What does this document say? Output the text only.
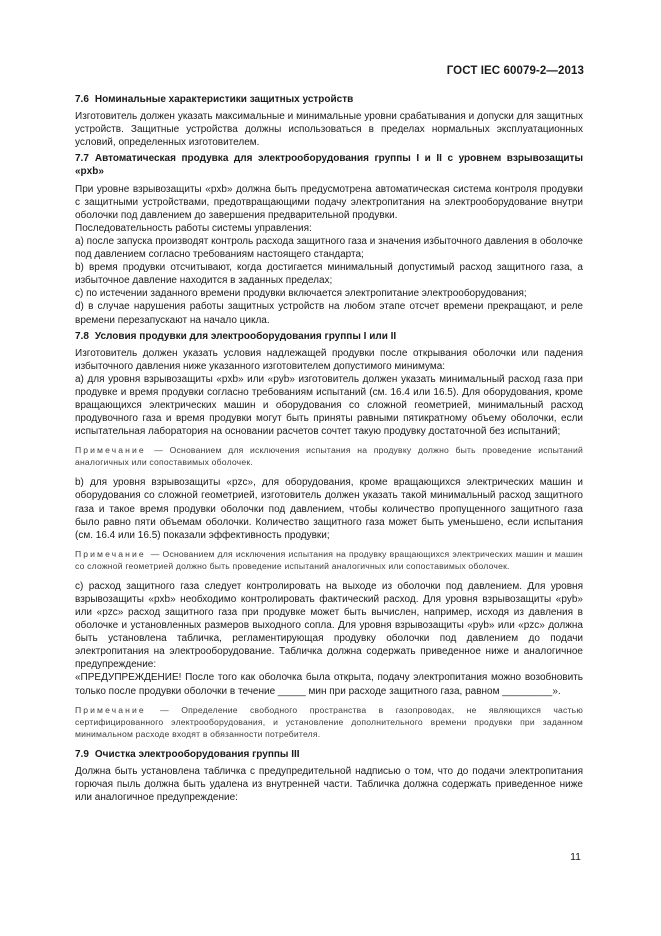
ГОСТ IEC 60079-2—2013
7.6 Номинальные характеристики защитных устройств

Изготовитель должен указать максимальные и минимальные уровни срабатывания и допуски для защитных устройств. Защитные устройства должны использоваться в пределах нормальных эксплуатационных условий, определенных изготовителем.

7.7 Автоматическая продувка для электрооборудования группы I и II с уровнем взрывозащиты «pxb»

При уровне взрывозащиты «pxb» должна быть предусмотрена автоматическая система контроля продувки с защитными устройствами, предотвращающими подачу электропитания на электрооборудование внутри оболочки под давлением до завершения предварительной продувки.

Последовательность работы системы управления:

a) после запуска производят контроль расхода защитного газа и значения избыточного давления в оболочке под давлением согласно требованиям настоящего стандарта;

b) время продувки отсчитывают, когда достигается минимальный допустимый расход защитного газа, а избыточное давление находится в заданных пределах;

c) по истечении заданного времени продувки включается электропитание электрооборудования;

d) в случае нарушения работы защитных устройств на любом этапе отсчет времени прекращают, и реле времени перезапускают на начало цикла.

7.8 Условия продувки для электрооборудования группы I или II

Изготовитель должен указать условия надлежащей продувки после открывания оболочки или падения избыточного давления ниже указанного изготовителем допустимого минимума:

a) для уровня взрывозащиты «pxb» или «pyb» изготовитель должен указать минимальный расход газа при продувке и время продувки согласно требованиям испытаний (см. 16.4 или 16.5). Для оборудования, кроме вращающихся электрических машин и оборудования со сложной геометрией, минимальный расход продувочного газа и время продувки могут быть приняты равными пятикратному объему оболочки, если испытательная лаборатория на основании расчетов сочтет такую продувку достаточной без испытаний;

Примечание — Основанием для исключения испытания на продувку должно быть проведение испытаний аналогичных или сопоставимых оболочек.

b) для уровня взрывозащиты «pzc», для оборудования, кроме вращающихся электрических машин и оборудования со сложной геометрией, изготовитель должен указать такой минимальный расход защитного газа и такое время продувки оболочки под давлением, чтобы количество пропущенного защитного газа было равно пяти объемам оболочки. Количество защитного газа может быть уменьшено, если испытания (см. 16.4 или 16.5) показали эффективность продувки;

Примечание — Основанием для исключения испытания на продувку вращающихся электрических машин и машин со сложной геометрией должно быть проведение испытаний аналогичных или сопоставимых оболочек.

c) расход защитного газа следует контролировать на выходе из оболочки под давлением. Для уровня взрывозащиты «pxb» необходимо контролировать фактический расход. Для уровня взрывозащиты «pyb» или «pzc» расход защитного газа при продувке может быть вычислен, например, исходя из давления в оболочке и установленных размеров выходного сопла. Для уровня взрывозащиты «pyb» или «pzc» должна быть установлена табличка, регламентирующая продувку оболочки под давлением до подачи электропитания на электрооборудование. Табличка должна содержать приведенное ниже и аналогичное предупреждение:

«ПРЕДУПРЕЖДЕНИЕ! После того как оболочка была открыта, подачу электропитания можно возобновить только после продувки оболочки в течение _____ мин при расходе защитного газа, равном _________».

Примечание — Определение свободного пространства в газопроводах, не являющихся частью сертифицированного электрооборудования, и установление дополнительного времени продувки при заданном минимальном расходе входят в обязанности потребителя.
7.9 Очистка электрооборудования группы III

Должна быть установлена табличка с предупредительной надписью о том, что до подачи электропитания горючая пыль должна быть удалена из внутренней части. Табличка должна содержать приведенное ниже или аналогичное предупреждение:

11
